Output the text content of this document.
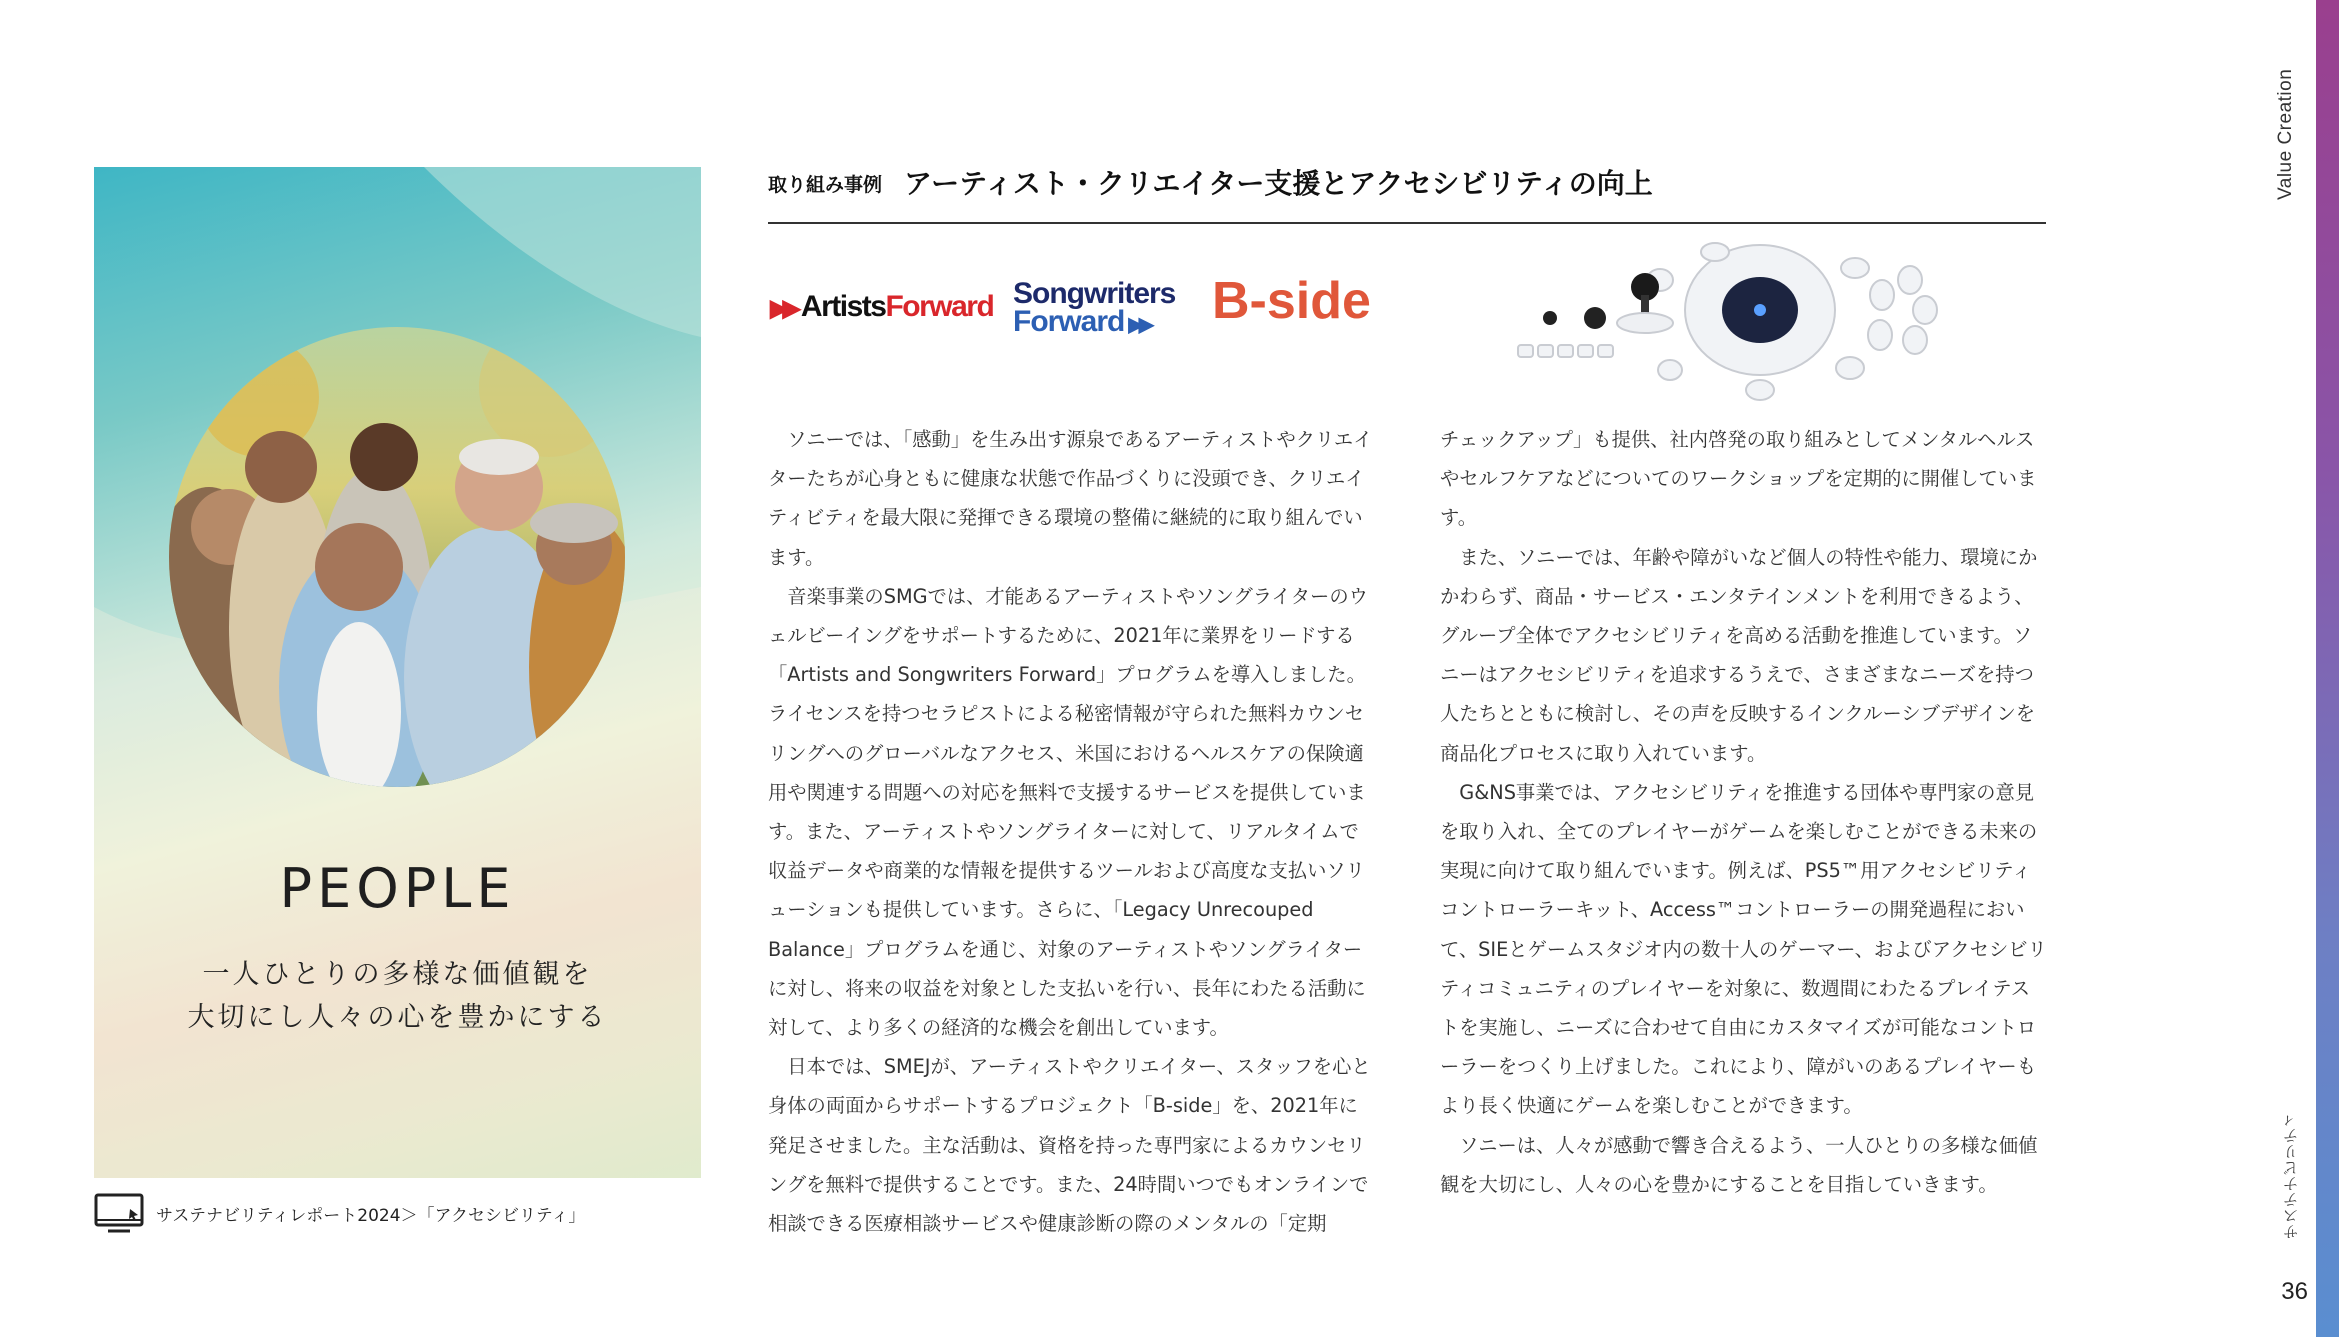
Value Creation
サステナビリティ
36
PEOPLE
一人ひとりの多様な価値観を
大切にし人々の心を豊かにする
サステナビリティレポート2024＞「アクセシビリティ」
取り組み事例 アーティスト・クリエイター支援とアクセシビリティの向上
▶▶ ArtistsForward Songwriters
Forward ▶▶	B-side

ソニーでは、「感動」を生み出す源泉であるアーティストやクリエイターたちが心身ともに健康な状態で作品づくりに没頭でき、クリエイティビティを最大限に発揮できる環境の整備に継続的に取り組んでいます。

音楽事業のSMGでは、才能あるアーティストやソングライターのウェルビーイングをサポートするために、2021年に業界をリードする「Artists and Songwriters Forward」プログラムを導入しました。ライセンスを持つセラピストによる秘密情報が守られた無料カウンセリングへのグローバルなアクセス、米国におけるヘルスケアの保険適用や関連する問題への対応を無料で支援するサービスを提供しています。また、アーティストやソングライターに対して、リアルタイムで収益データや商業的な情報を提供するツールおよび高度な支払いソリューションも提供しています。さらに、「Legacy Unrecouped Balance」プログラムを通じ、対象のアーティストやソングライターに対し、将来の収益を対象とした支払いを行い、長年にわたる活動に対して、より多くの経済的な機会を創出しています。

日本では、SMEJが、アーティストやクリエイター、スタッフを心と身体の両面からサポートするプロジェクト「B-side」を、2021年に発足させました。主な活動は、資格を持った専門家によるカウンセリングを無料で提供することです。また、24時間いつでもオンラインで相談できる医療相談サービスや健康診断の際のメンタルの「定期

チェックアップ」も提供、社内啓発の取り組みとしてメンタルヘルスやセルフケアなどについてのワークショップを定期的に開催しています。

また、ソニーでは、年齢や障がいなど個人の特性や能力、環境にかかわらず、商品・サービス・エンタテインメントを利用できるよう、グループ全体でアクセシビリティを高める活動を推進しています。ソニーはアクセシビリティを追求するうえで、さまざまなニーズを持つ人たちとともに検討し、その声を反映するインクルーシブデザインを商品化プロセスに取り入れています。

G&NS事業では、アクセシビリティを推進する団体や専門家の意見を取り入れ、全てのプレイヤーがゲームを楽しむことができる未来の実現に向けて取り組んでいます。例えば、PS5™用アクセシビリティコントローラーキット、Access™コントローラーの開発過程において、SIEとゲームスタジオ内の数十人のゲーマー、およびアクセシビリティコミュニティのプレイヤーを対象に、数週間にわたるプレイテストを実施し、ニーズに合わせて自由にカスタマイズが可能なコントローラーをつくり上げました。これにより、障がいのあるプレイヤーもより長く快適にゲームを楽しむことができます。

ソニーは、人々が感動で響き合えるよう、一人ひとりの多様な価値観を大切にし、人々の心を豊かにすることを目指していきます。
